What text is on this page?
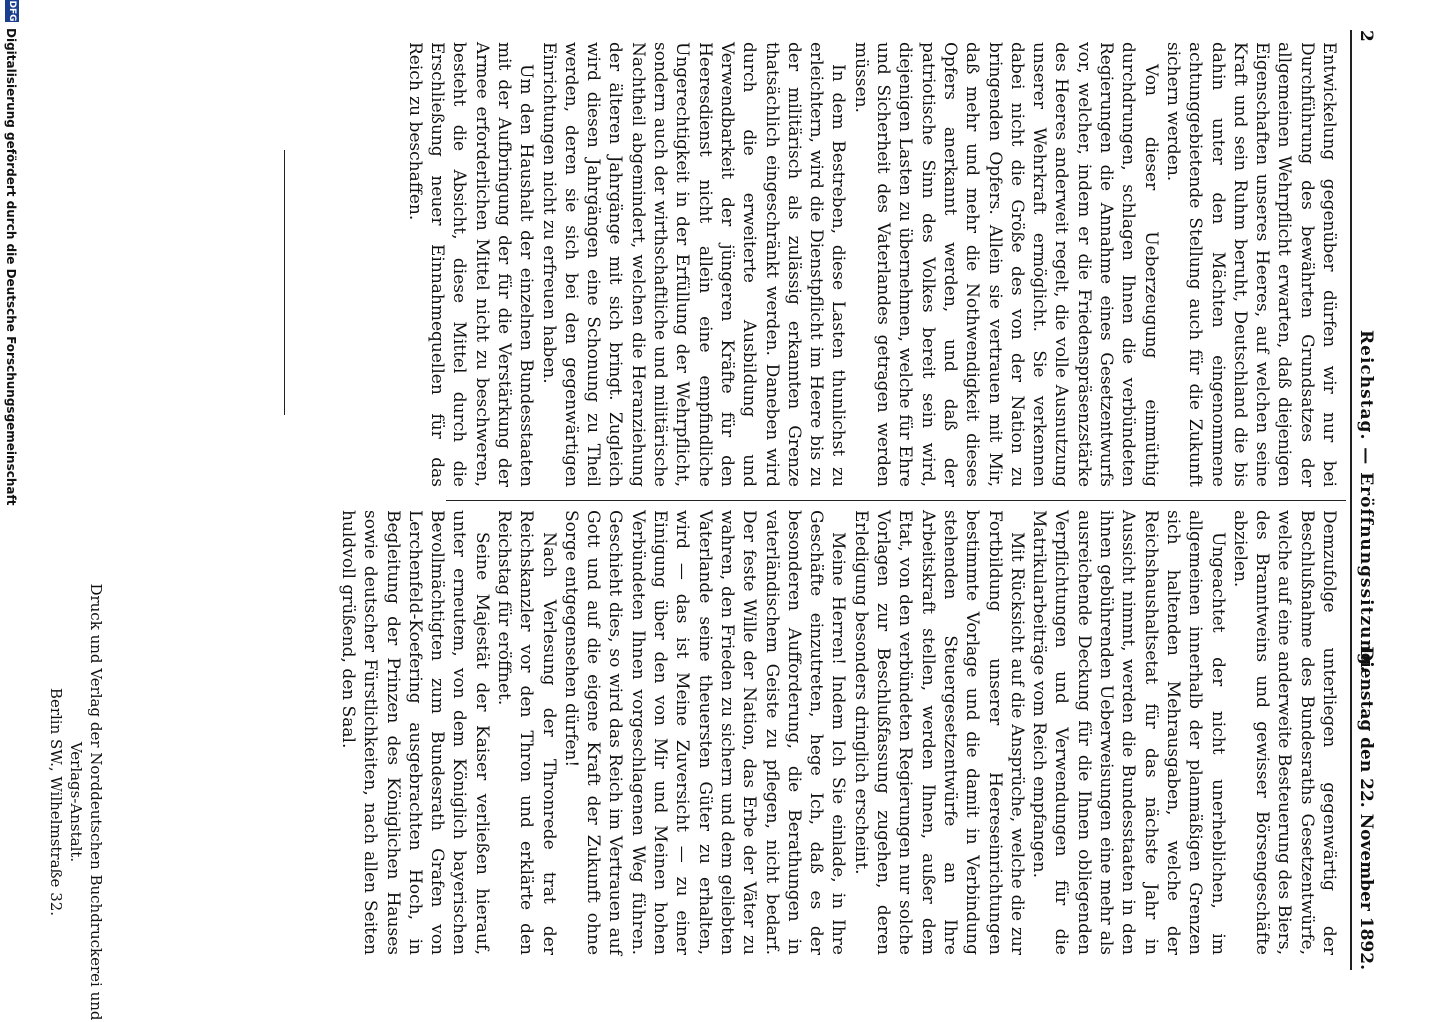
2
Reichstag. — Eröffnungssitzung.
Dienstag den 22. November 1892.

Entwickelung gegenüber dürfen wir nur bei Durchführung des bewährten Grundsatzes der allgemeinen Wehrpflicht erwarten, daß diejenigen Eigenschaften unseres Heeres, auf welchen seine Kraft und sein Ruhm beruht, Deutschland die bis dahin unter den Mächten eingenommene achtunggebietende Stellung auch für die Zukunft sichern werden.

Von dieser Ueberzeugung einmüthig durchdrungen, schlagen Ihnen die verbündeten Regierungen die Annahme eines Gesetzentwurfs vor, welcher, indem er die Friedenspräsenzstärke des Heeres anderweit regelt, die volle Ausnutzung unserer Wehrkraft ermöglicht. Sie verkennen dabei nicht die Größe des von der Nation zu bringenden Opfers. Allein sie vertrauen mit Mir, daß mehr und mehr die Nothwendigkeit dieses Opfers anerkannt werden, und daß der patriotische Sinn des Volkes bereit sein wird, diejenigen Lasten zu übernehmen, welche für Ehre und Sicherheit des Vaterlandes getragen werden müssen.

In dem Bestreben, diese Lasten thunlichst zu erleichtern, wird die Dienstpflicht im Heere bis zu der militärisch als zulässig erkannten Grenze thatsächlich eingeschränkt werden. Daneben wird durch die erweiterte Ausbildung und Verwendbarkeit der jüngeren Kräfte für den Heeresdienst nicht allein eine empfindliche Ungerechtigkeit in der Erfüllung der Wehrpflicht, sondern auch der wirthschaftliche und militärische Nachtheil abgemindert, welchen die Heranziehung der älteren Jahrgänge mit sich bringt. Zugleich wird diesen Jahrgängen eine Schonung zu Theil werden, deren sie sich bei den gegenwärtigen Einrichtungen nicht zu erfreuen haben.

Um den Haushalt der einzelnen Bundesstaaten mit der Aufbringung der für die Verstärkung der Armee erforderlichen Mittel nicht zu beschweren, besteht die Absicht, diese Mittel durch die Erschließung neuer Einnahmequellen für das Reich zu beschaffen.

Demzufolge unterliegen gegenwärtig der Beschlußnahme des Bundesraths Gesetzentwürfe, welche auf eine anderweite Besteuerung des Biers, des Branntweins und gewisser Börsengeschäfte abzielen.

Ungeachtet der nicht unerheblichen, im allgemeinen innerhalb der planmäßigen Grenzen sich haltenden Mehrausgaben, welche der Reichshaushaltsetat für das nächste Jahr in Aussicht nimmt, werden die Bundesstaaten in den ihnen gebührenden Ueberweisungen eine mehr als ausreichende Deckung für die Ihnen obliegenden Verpflichtungen und Verwendungen für die Matrikularbeiträge vom Reich empfangen.

Mit Rücksicht auf die Ansprüche, welche die zur Fortbildung unserer Heereseinrichtungen bestimmte Vorlage und die damit in Verbindung stehenden Steuergesetzentwürfe an Ihre Arbeitskraft stellen, werden Ihnen, außer dem Etat, von den verbündeten Regierungen nur solche Vorlagen zur Beschlußfassung zugehen, deren Erledigung besonders dringlich erscheint.

Meine Herren! Indem Ich Sie einlade, in Ihre Geschäfte einzutreten, hege Ich, daß es der besonderen Aufforderung, die Berathungen in vaterländischem Geiste zu pflegen, nicht bedarf. Der feste Wille der Nation, das Erbe der Väter zu wahren, den Frieden zu sichern und dem geliebten Vaterlande seine theuersten Güter zu erhalten, wird — das ist Meine Zuversicht — zu einer Einigung über den von Mir und Meinen hohen Verbündeten Ihnen vorgeschlagenen Weg führen. Geschieht dies, so wird das Reich im Vertrauen auf Gott und auf die eigene Kraft der Zukunft ohne Sorge entgegensehen dürfen!

Nach Verlesung der Thronrede trat der Reichskanzler vor den Thron und erklärte den Reichstag für eröffnet.

Seine Majestät der Kaiser verließen hierauf, unter erneutem, von dem Königlich bayerischen Bevollmächtigten zum Bundesrath Grafen von Lerchenfeld-Koefering ausgebrachten Hoch, in Begleitung der Prinzen des Königlichen Hauses sowie deutscher Fürstlichkeiten, nach allen Seiten huldvoll grüßend, den Saal.

Druck und Verlag der Norddeutschen Buchdruckerei und Verlags-Anstalt.
Berlin SW., Wilhelmstraße 32.
DFG
Digitalisierung gefördert durch die Deutsche Forschungsgemeinschaft
